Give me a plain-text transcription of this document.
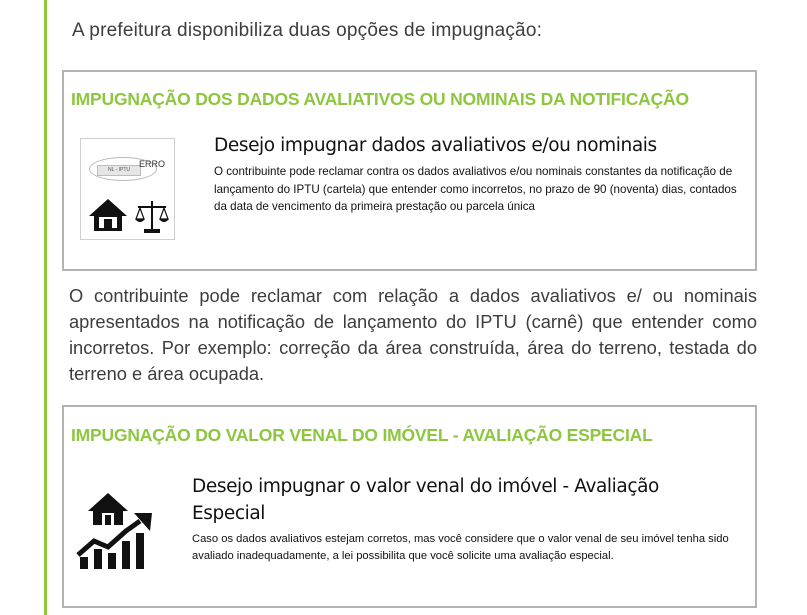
A prefeitura disponibiliza duas opções de impugnação:
IMPUGNAÇÃO DOS DADOS AVALIATIVOS OU NOMINAIS DA NOTIFICAÇÃO
NL - IPTU
ERRO
Desejo impugnar dados avaliativos e/ou nominais
O contribuinte pode reclamar contra os dados avaliativos e/ou nominais constantes da notificação de lançamento do IPTU (cartela) que entender como incorretos, no prazo de 90 (noventa) dias, contados da data de vencimento da primeira prestação ou parcela única
O contribuinte pode reclamar com relação a dados avaliativos e/ ou nominais apresentados na notificação de lançamento do IPTU (carnê) que entender como incorretos. Por exemplo: correção da área construída, área do terreno, testada do terreno e área ocupada.
IMPUGNAÇÃO DO VALOR VENAL DO IMÓVEL - AVALIAÇÃO ESPECIAL
Desejo impugnar o valor venal do imóvel - Avaliação Especial
Caso os dados avaliativos estejam corretos, mas você considere que o valor venal de seu imóvel tenha sido avaliado inadequadamente, a lei possibilita que você solicite uma avaliação especial.
